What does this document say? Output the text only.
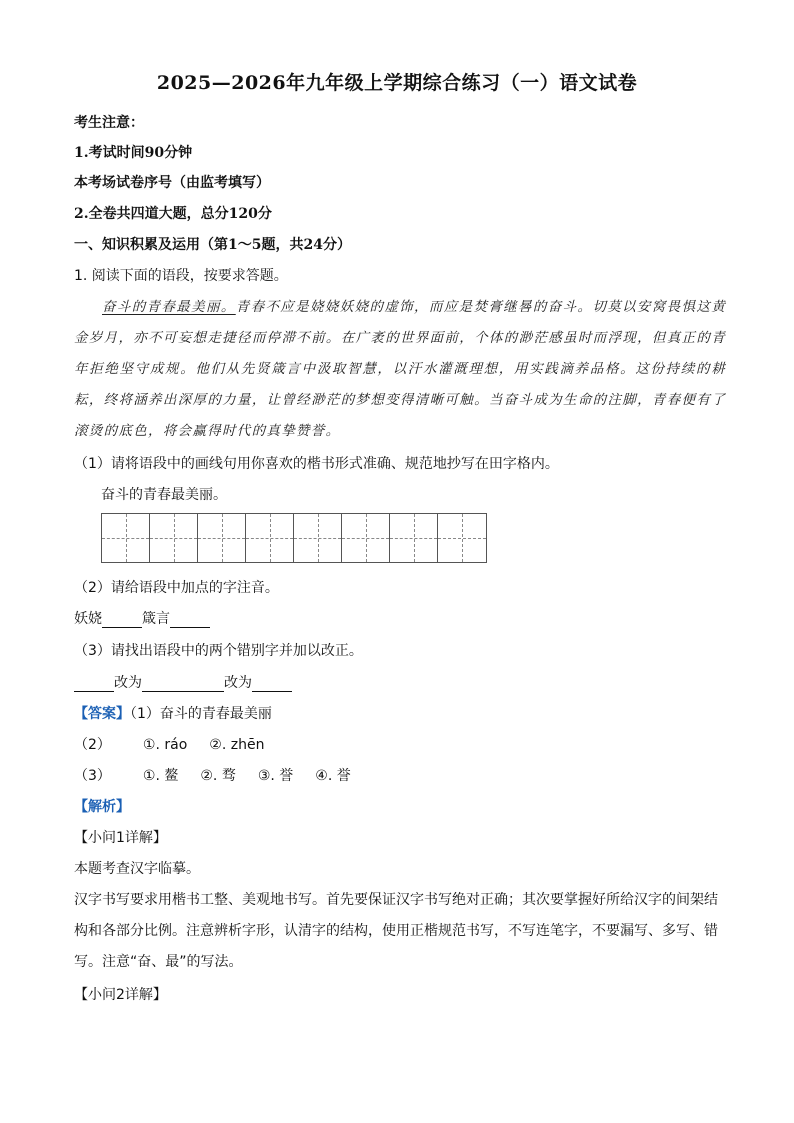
2025—2026年九年级上学期综合练习（一）语文试卷
考生注意：
1.考试时间90分钟
本考场试卷序号（由监考填写）
2.全卷共四道大题，总分120分
一、知识积累及运用（第1～5题，共24分）
1. 阅读下面的语段，按要求答题。
奋斗的青春最美丽。青春不应是娆娆妖娆的虚饰，而应是焚膏继晷的奋斗。切莫以安窝畏惧这黄金岁月，亦不可妄想走捷径而停滞不前。在广袤的世界面前，个体的渺茫感虽时而浮现，但真正的青年拒绝坚守成规。他们从先贤箴言中汲取智慧，以汗水灌溉理想，用实践滴养品格。这份持续的耕耘，终将涵养出深厚的力量，让曾经渺茫的梦想变得清晰可触。当奋斗成为生命的注脚，青春便有了滚烫的底色，将会赢得时代的真挚赞誉。
（1）请将语段中的画线句用你喜欢的楷书形式准确、规范地抄写在田字格内。
奋斗的青春最美丽。
（2）请给语段中加点的字注音。
妖娆	箴言
（3）请找出语段中的两个错别字并加以改正。
改为	改为
【答案】（1）奋斗的青春最美丽
（2） ①. ráo ②. zhēn
（3） ①. 鳌 ②. 骛 ③. 誉 ④. 誉
【解析】
【小问1详解】
本题考查汉字临摹。
汉字书写要求用楷书工整、美观地书写。首先要保证汉字书写绝对正确；其次要掌握好所给汉字的间架结
构和各部分比例。注意辨析字形，认清字的结构，使用正楷规范书写，不写连笔字，不要漏写、多写、错
写。注意“奋、最”的写法。
【小问2详解】
